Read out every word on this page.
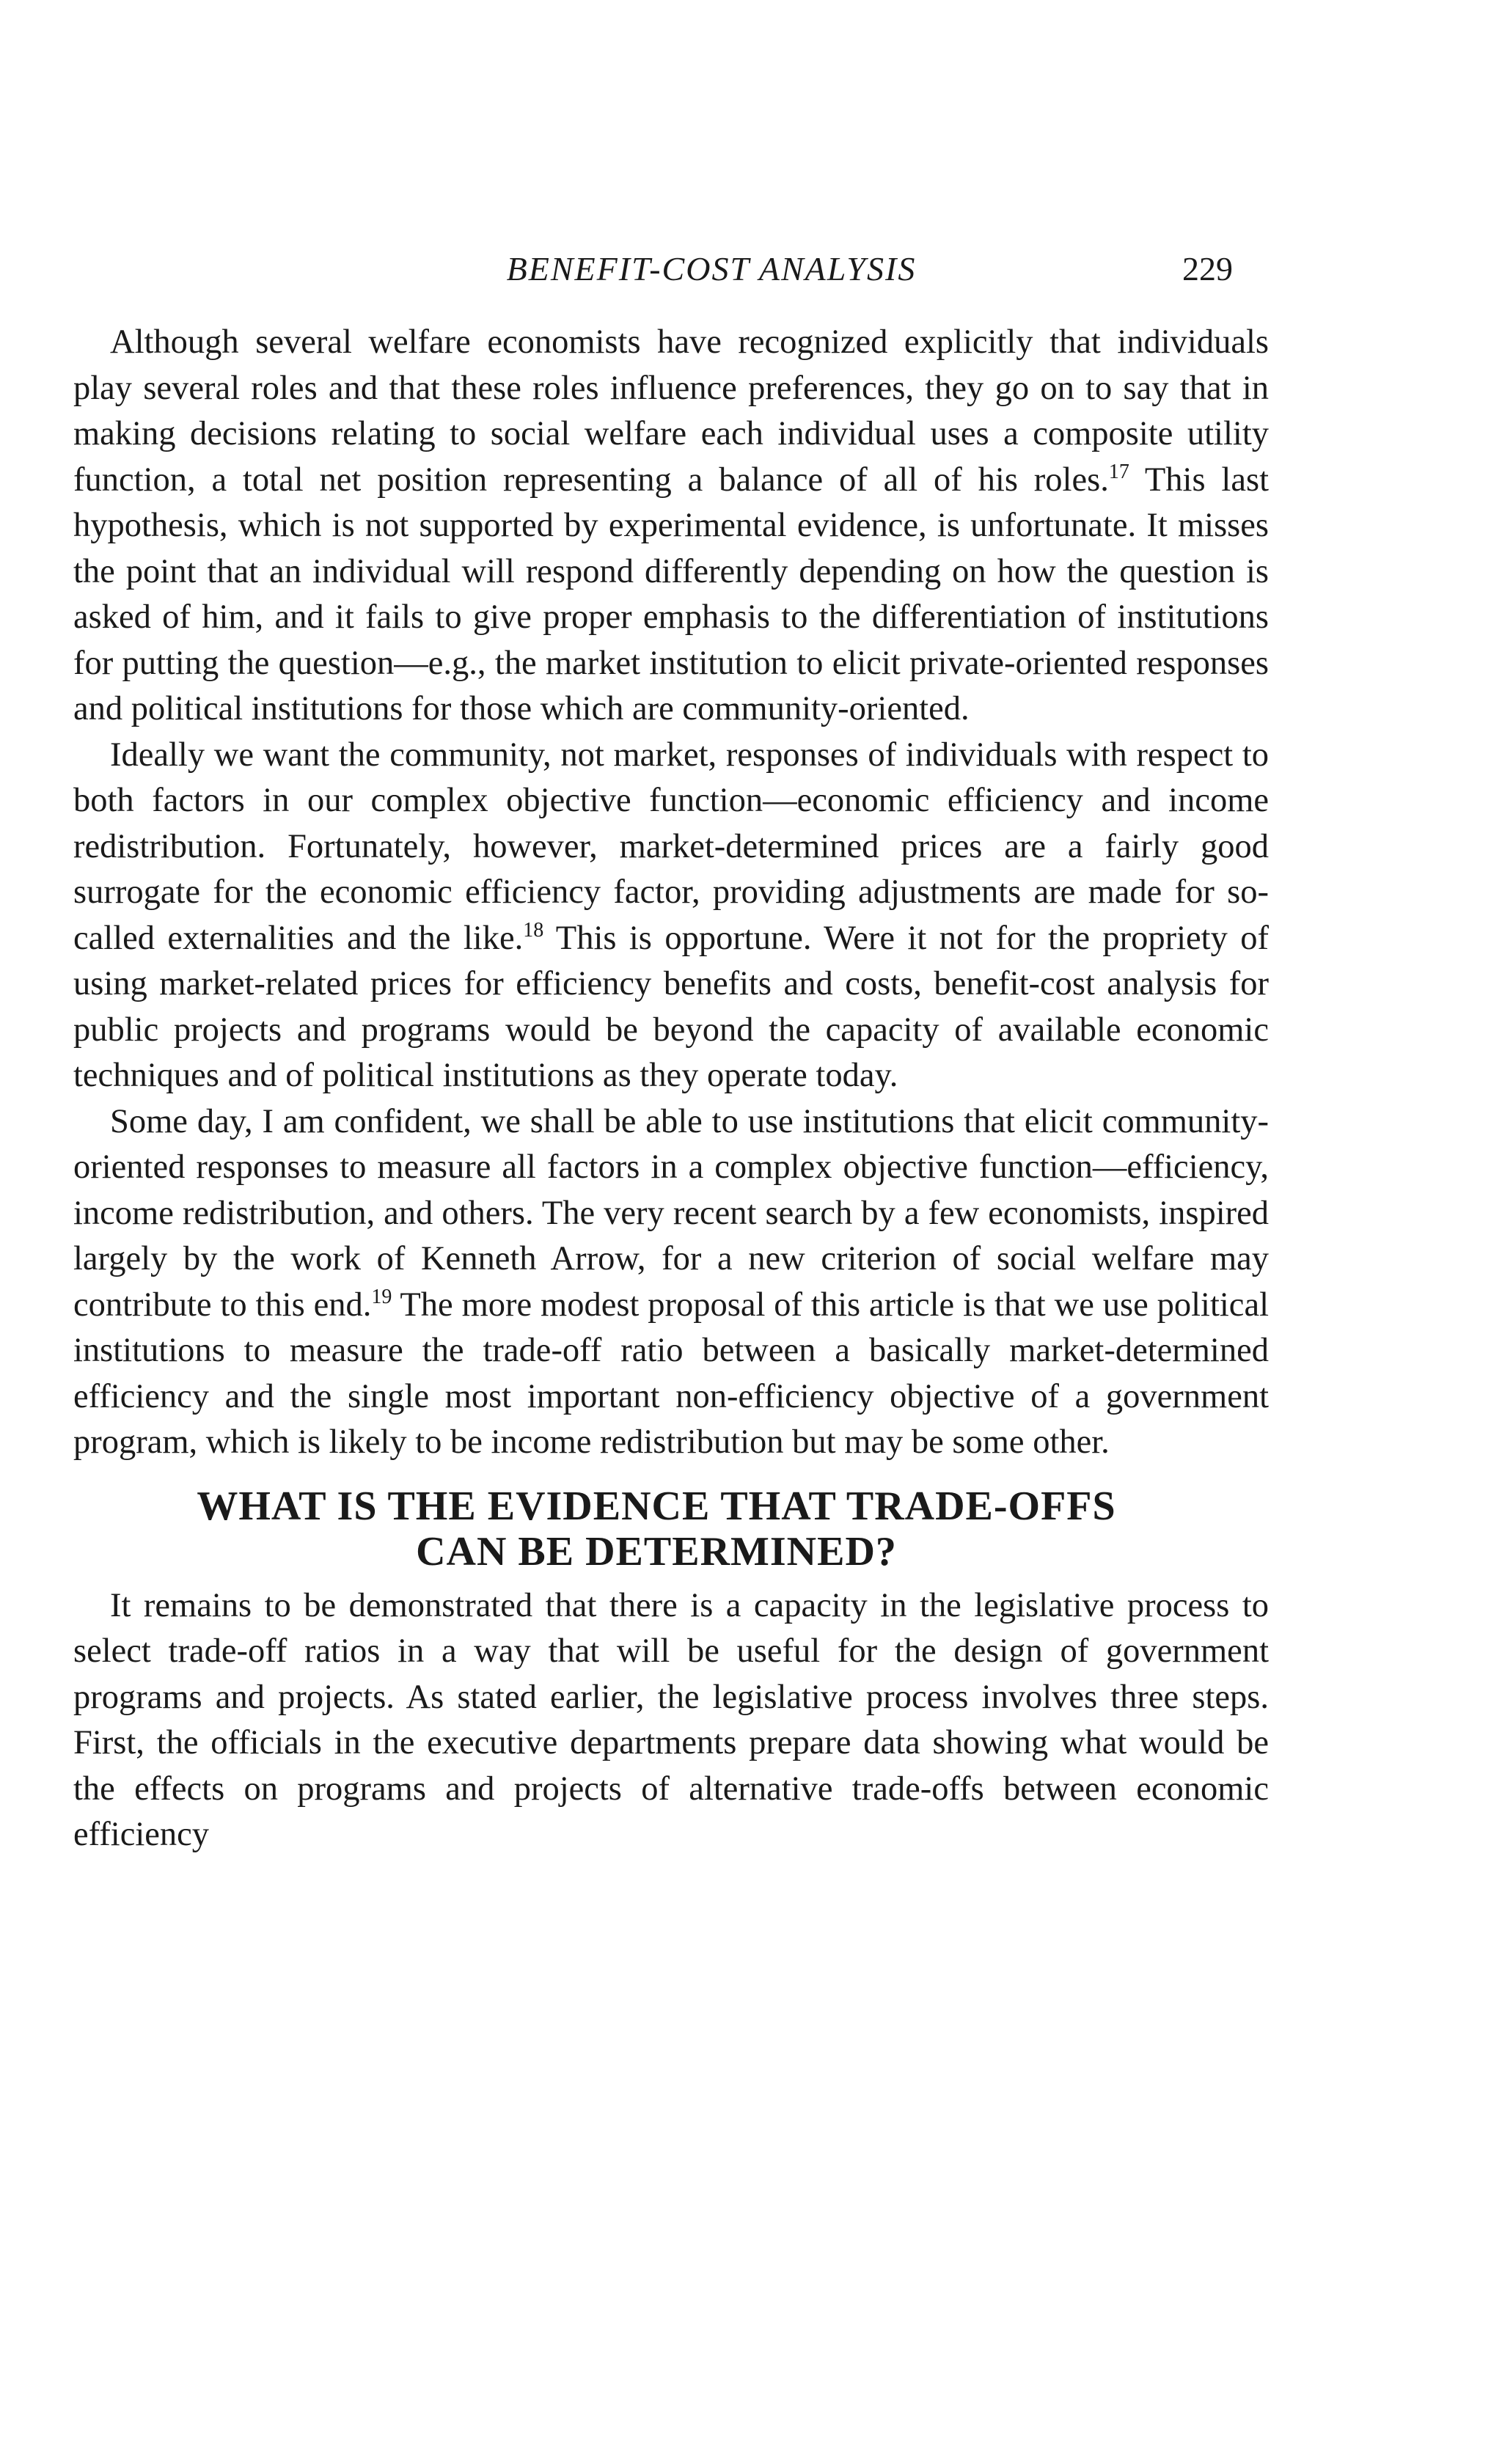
BENEFIT-COST ANALYSIS	229

Although several welfare economists have recognized explicitly that individuals play several roles and that these roles influence preferences, they go on to say that in making decisions relating to social welfare each individual uses a composite utility function, a total net position representing a balance of all of his roles.$^{17}$ This last hypothesis, which is not supported by experimental evidence, is unfortunate. It misses the point that an individual will respond differently depending on how the question is asked of him, and it fails to give proper emphasis to the differentiation of institutions for putting the question—e.g., the market institution to elicit private-oriented responses and political institutions for those which are community-oriented.

Ideally we want the community, not market, responses of individuals with respect to both factors in our complex objective function—economic efficiency and income redistribution. Fortunately, however, market-determined prices are a fairly good surrogate for the economic efficiency factor, providing adjustments are made for so-called externalities and the like.$^{18}$ This is opportune. Were it not for the propriety of using market-related prices for efficiency benefits and costs, benefit-cost analysis for public projects and programs would be beyond the capacity of available economic techniques and of political institutions as they operate today.

Some day, I am confident, we shall be able to use institutions that elicit community-oriented responses to measure all factors in a complex objective function—efficiency, income redistribution, and others. The very recent search by a few economists, inspired largely by the work of Kenneth Arrow, for a new criterion of social welfare may contribute to this end.$^{19}$ The more modest proposal of this article is that we use political institutions to measure the trade-off ratio between a basically market-determined efficiency and the single most important non-efficiency objective of a government program, which is likely to be income redistribution but may be some other.

WHAT IS THE EVIDENCE THAT TRADE-OFFS
CAN BE DETERMINED?

It remains to be demonstrated that there is a capacity in the legislative process to select trade-off ratios in a way that will be useful for the design of government programs and projects. As stated earlier, the legislative process involves three steps. First, the officials in the executive departments prepare data showing what would be the effects on programs and projects of alternative trade-offs between economic efficiency
